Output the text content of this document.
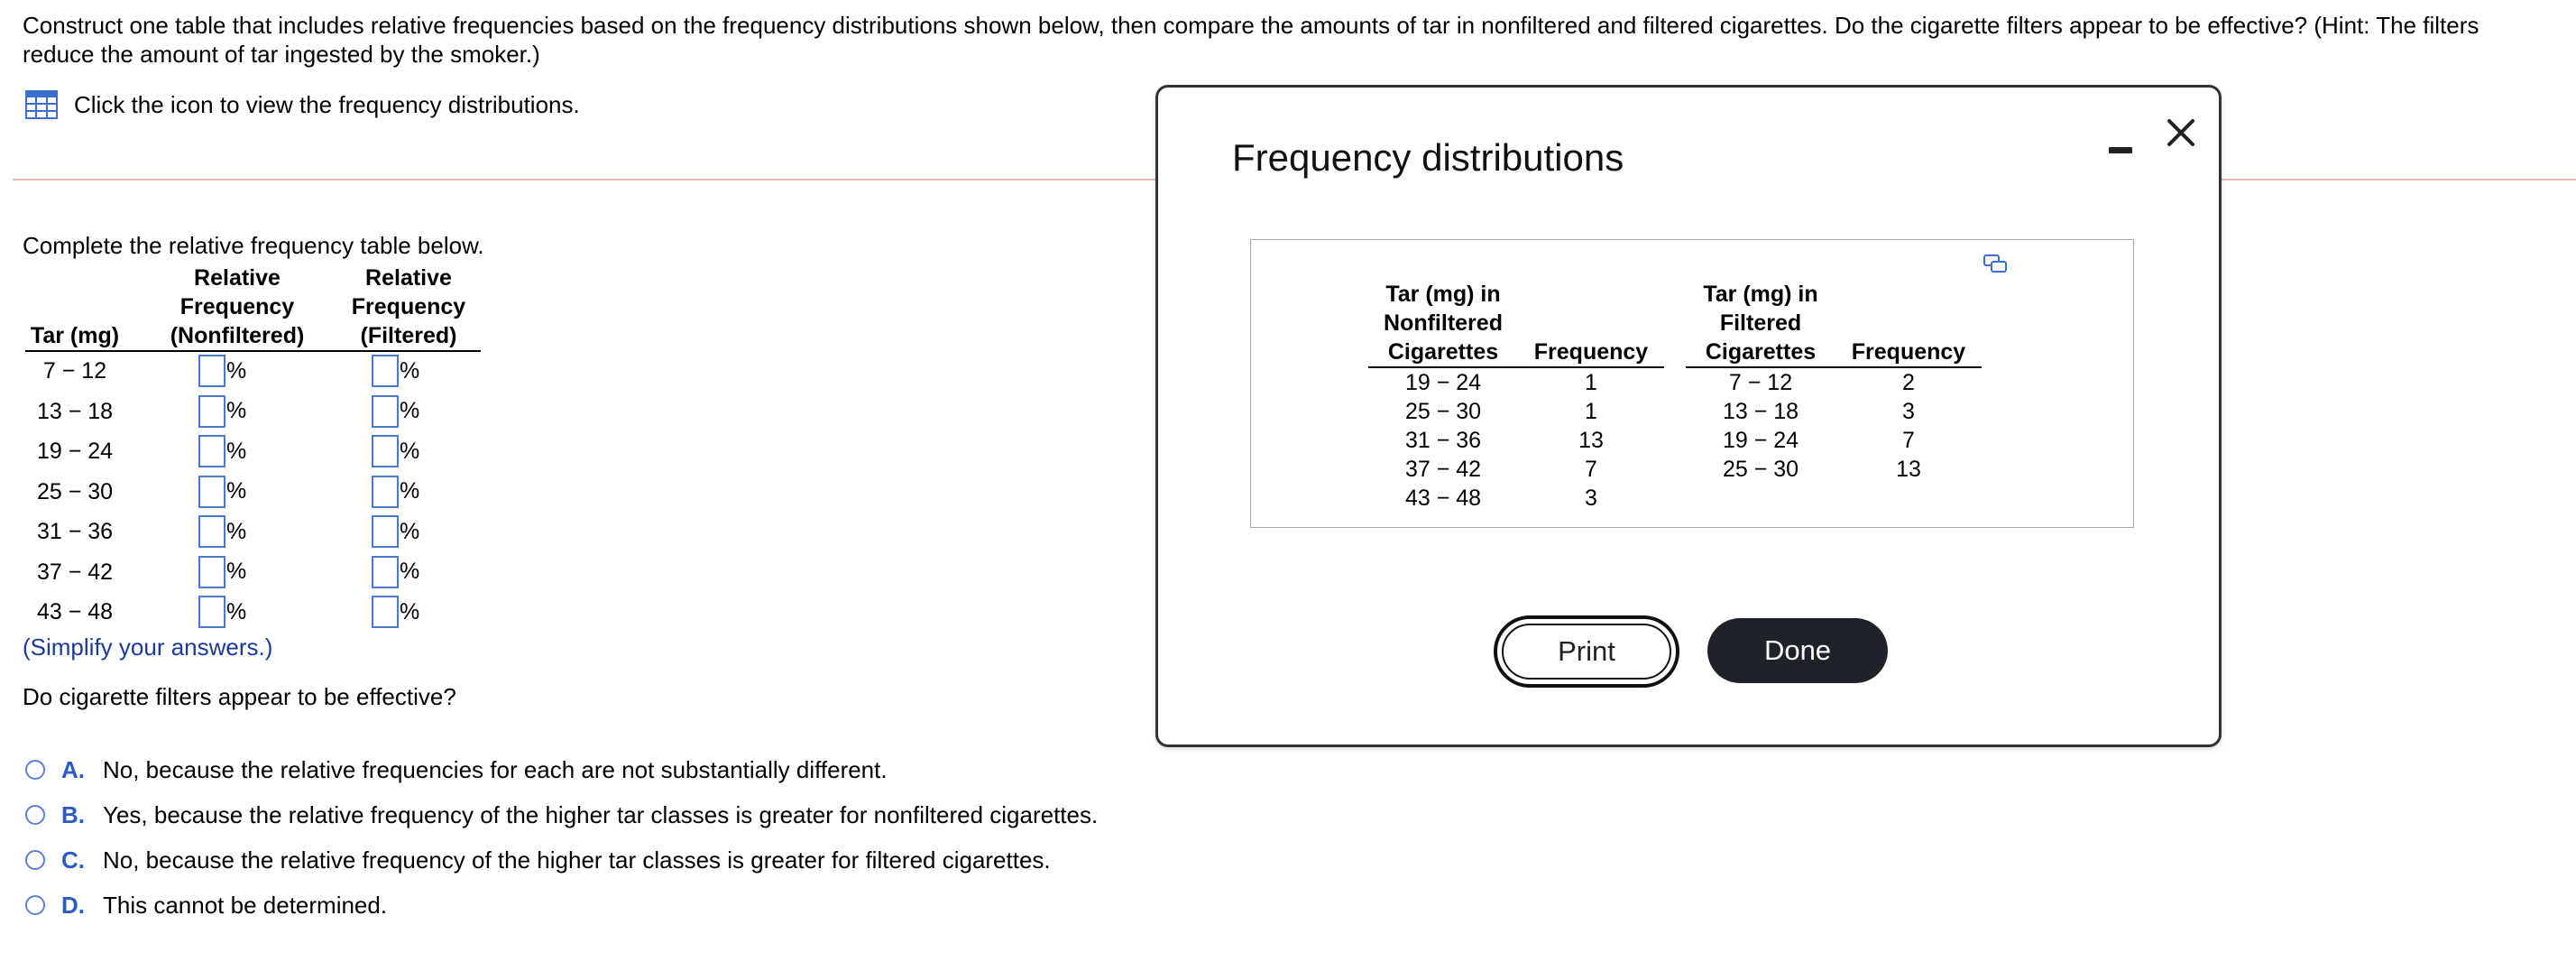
Construct one table that includes relative frequencies based on the frequency distributions shown below, then compare the amounts of tar in nonfiltered and filtered cigarettes. Do the cigarette filters appear to be effective? (Hint: The filters reduce the amount of tar ingested by the smoker.)
Click the icon to view the frequency distributions.
Complete the relative frequency table below.
Tar (mg)
Relative
Frequency
(Nonfiltered)
Relative
Frequency
(Filtered)
7 − 12	%	%
13 − 18	%	%
19 − 24	%	%
25 − 30	%	%
31 − 36	%	%
37 − 42	%	%
43 − 48	%	%
(Simplify your answers.)
Do cigarette filters appear to be effective?
A. No, because the relative frequencies for each are not substantially different.
B. Yes, because the relative frequency of the higher tar classes is greater for nonfiltered cigarettes.
C. No, because the relative frequency of the higher tar classes is greater for filtered cigarettes.
D. This cannot be determined.
Frequency distributions
Tar (mg) in
Nonfiltered
Cigarettes	Frequency
19 − 24	1
25 − 30	1
31 − 36	13
37 − 42	7
43 − 48	3
Tar (mg) in
Filtered
Cigarettes	Frequency
7 − 12	2
13 − 18	3
19 − 24	7
25 − 30	13
Print	Done
